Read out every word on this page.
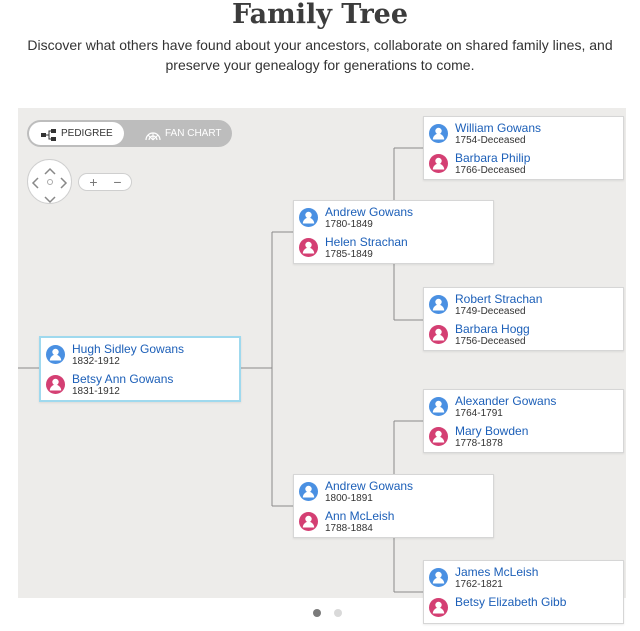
Family Tree

Discover what others have found about your ancestors, collaborate on shared family lines, and preserve your genealogy for generations to come.

PEDIGREE	FAN CHART
+	−
Hugh Sidley Gowans
1832-1912
Betsy Ann Gowans
1831-1912
Andrew Gowans
1780-1849
Helen Strachan
1785-1849
Andrew Gowans
1800-1891
Ann McLeish
1788-1884
William Gowans
1754-Deceased
Barbara Philip
1766-Deceased
Robert Strachan
1749-Deceased
Barbara Hogg
1756-Deceased
Alexander Gowans
1764-1791
Mary Bowden
1778-1878
James McLeish
1762-1821
Betsy Elizabeth Gibb
